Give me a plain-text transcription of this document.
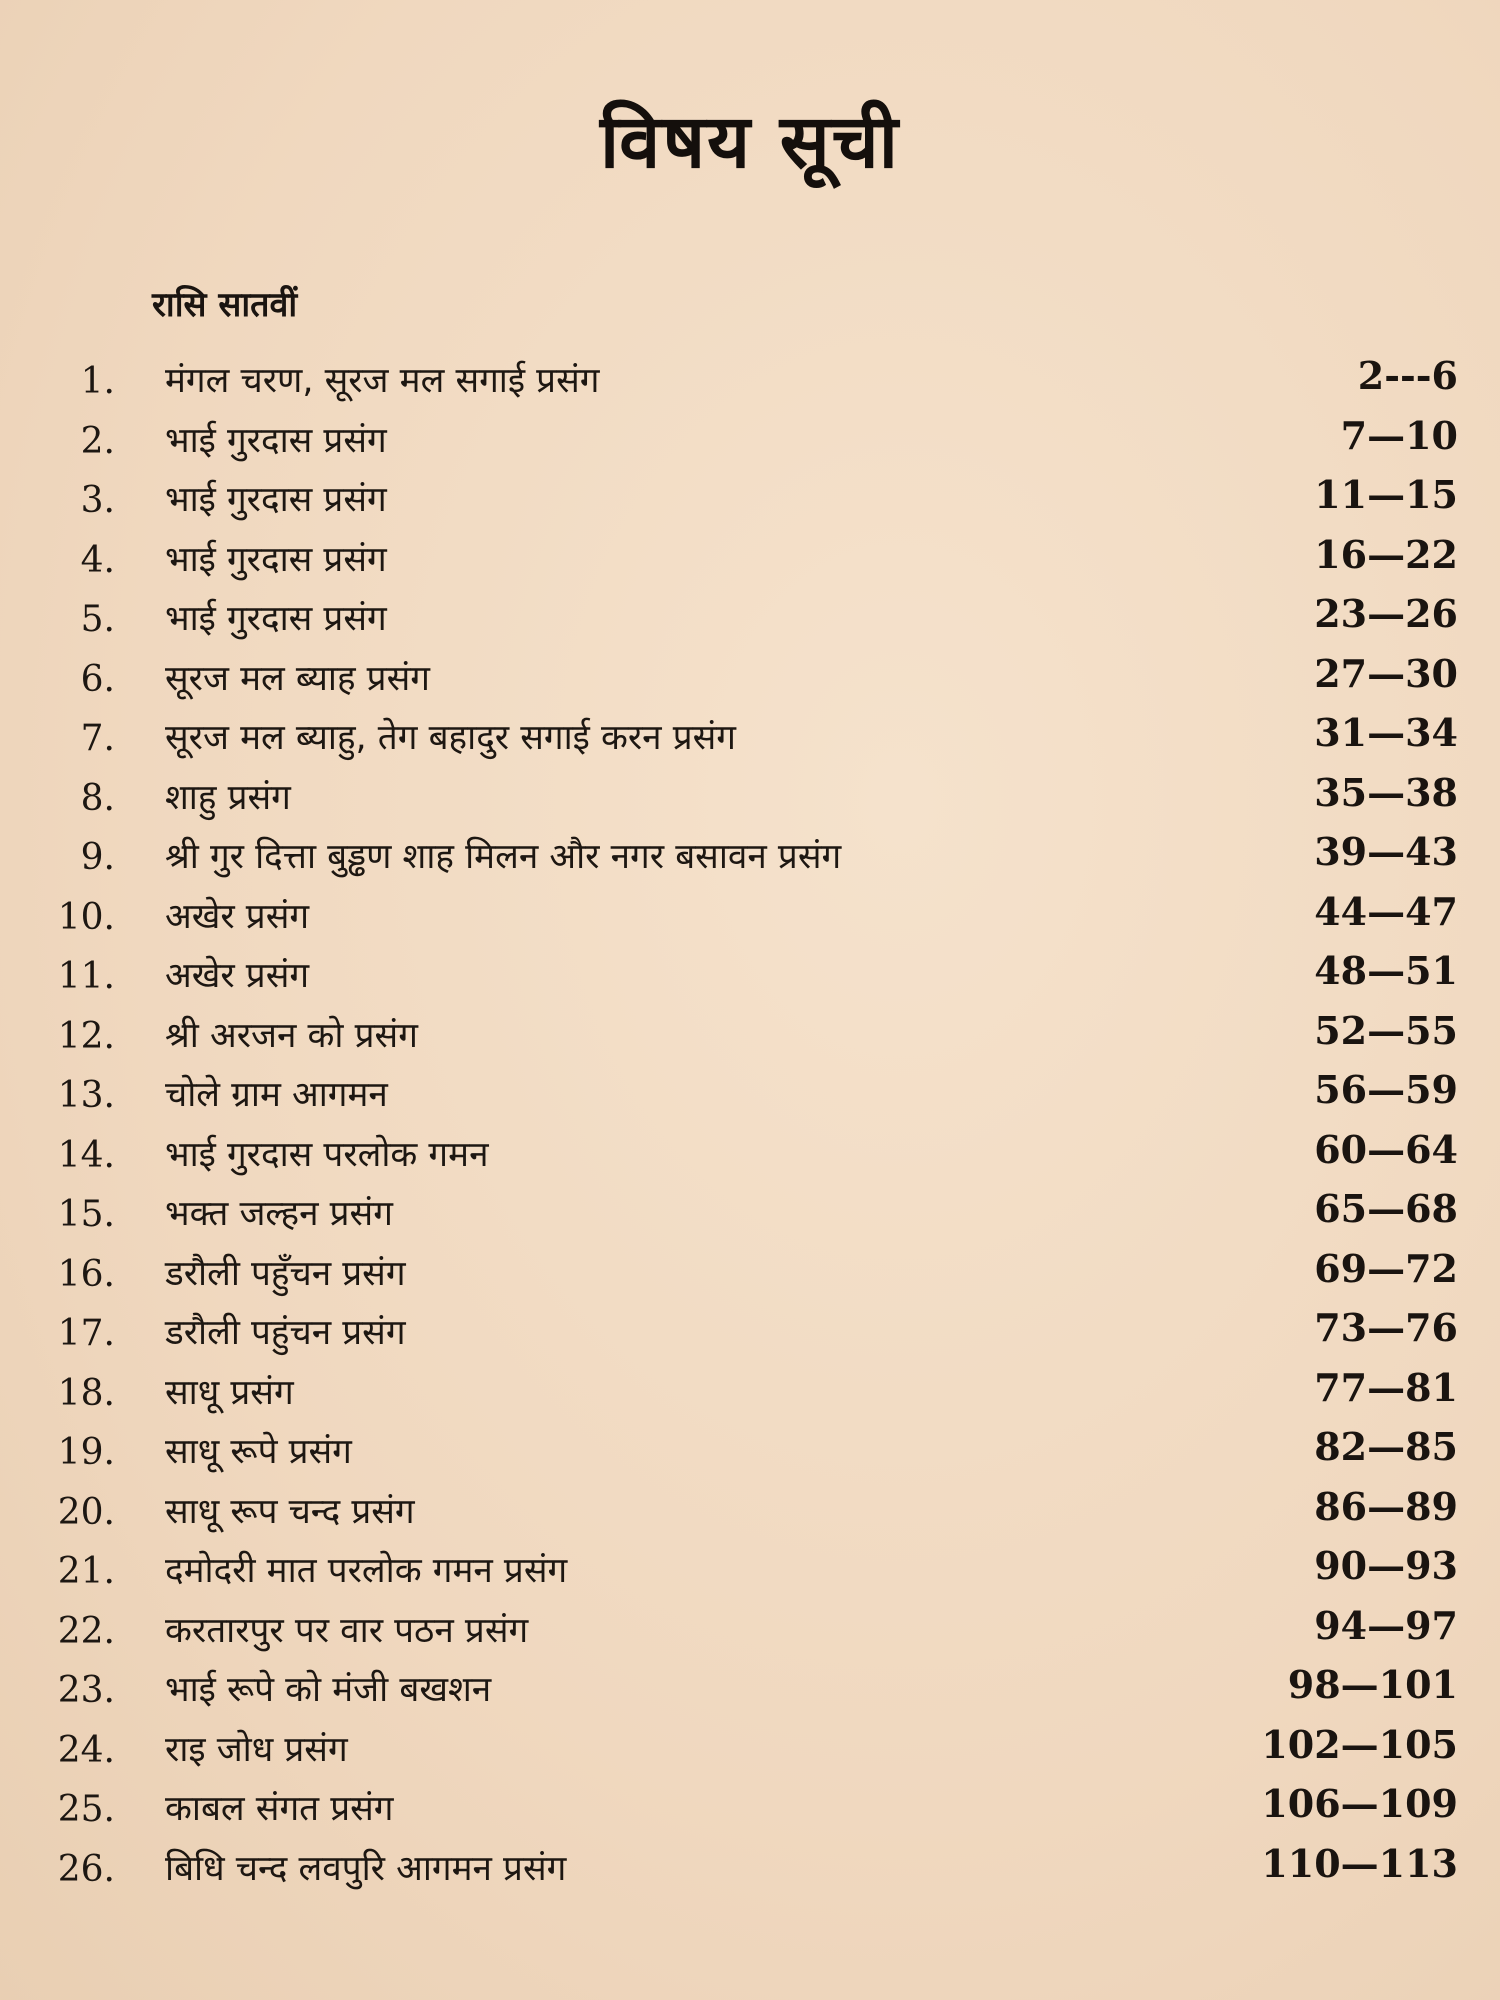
विषय सूची
रासि सातवीं
1. मंगल चरण, सूरज मल सगाई प्रसंग	2---6
2. भाई गुरदास प्रसंग	7—10
3. भाई गुरदास प्रसंग	11—15
4. भाई गुरदास प्रसंग	16—22
5. भाई गुरदास प्रसंग	23—26
6. सूरज मल ब्याह प्रसंग	27—30
7. सूरज मल ब्याहु, तेग बहादुर सगाई करन प्रसंग	31—34
8. शाहु प्रसंग	35—38
9. श्री गुर दित्ता बुड्ढण शाह मिलन और नगर बसावन प्रसंग	39—43
10. अखेर प्रसंग	44—47
11. अखेर प्रसंग	48—51
12. श्री अरजन को प्रसंग	52—55
13. चोले ग्राम आगमन	56—59
14. भाई गुरदास परलोक गमन	60—64
15. भक्त जल्हन प्रसंग	65—68
16. डरौली पहुँचन प्रसंग	69—72
17. डरौली पहुंचन प्रसंग	73—76
18. साधू प्रसंग	77—81
19. साधू रूपे प्रसंग	82—85
20. साधू रूप चन्द प्रसंग	86—89
21. दमोदरी मात परलोक गमन प्रसंग	90—93
22. करतारपुर पर वार पठन प्रसंग	94—97
23. भाई रूपे को मंजी बखशन	98—101
24. राइ जोध प्रसंग	102—105
25. काबल संगत प्रसंग	106—109
26. बिधि चन्द लवपुरि आगमन प्रसंग	110—113
